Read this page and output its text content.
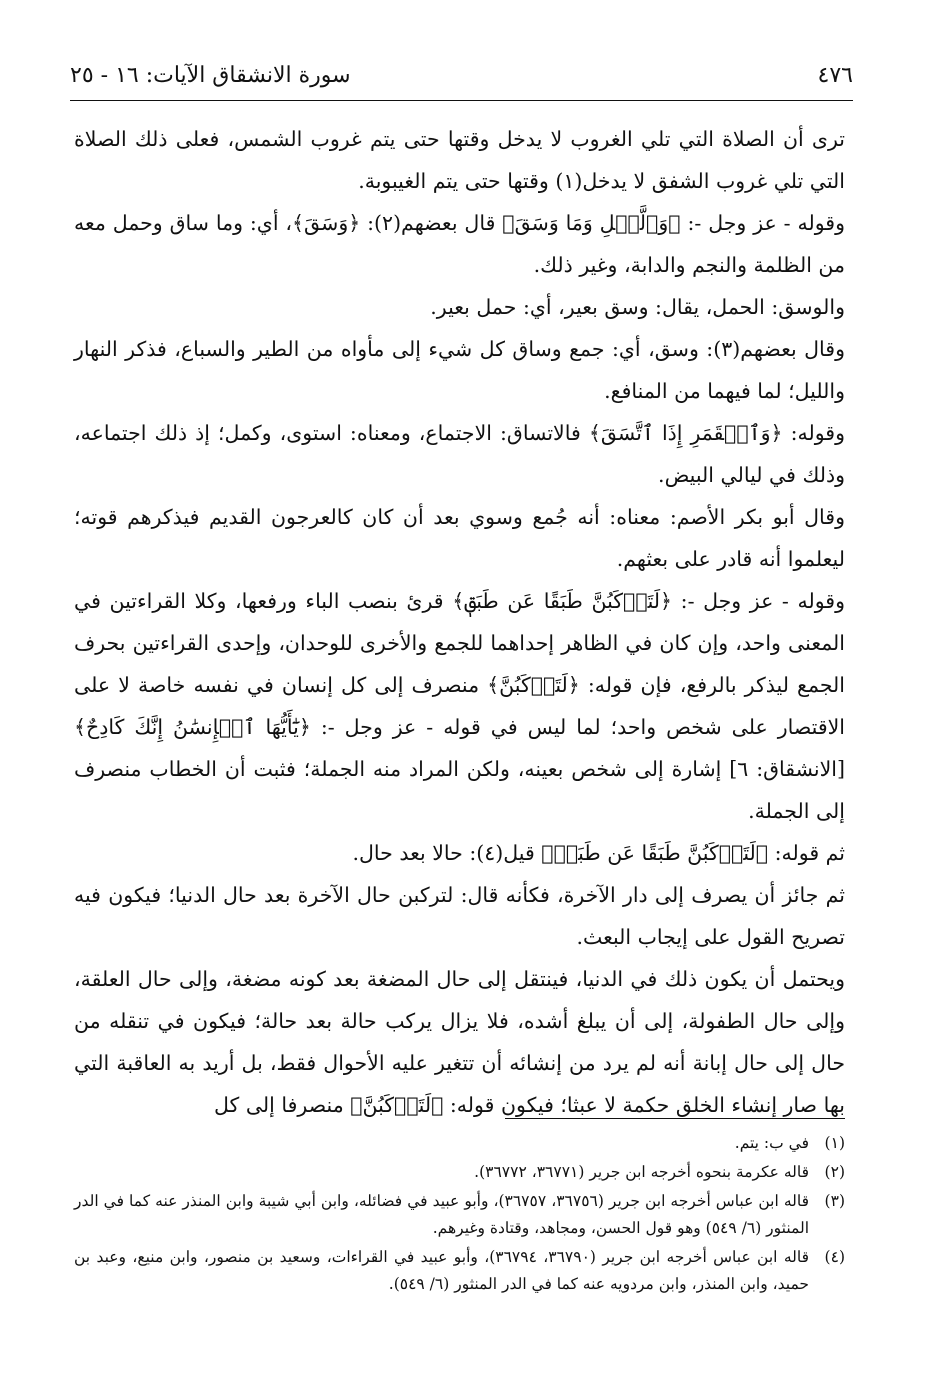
٤٧٦
سورة الانشقاق الآيات: ١٦ - ٢٥

ترى أن الصلاة التي تلي الغروب لا يدخل وقتها حتى يتم غروب الشمس، فعلى ذلك الصلاة التي تلي غروب الشفق لا يدخل(١) وقتها حتى يتم الغيبوبة.

وقوله - عز وجل -: ﴿وَٱلَّيۡلِ وَمَا وَسَقَ﴾ قال بعضهم(٢): ﴿وَسَقَ﴾، أي: وما ساق وحمل معه من الظلمة والنجم والدابة، وغير ذلك.

والوسق: الحمل، يقال: وسق بعير، أي: حمل بعير.

وقال بعضهم(٣): وسق، أي: جمع وساق كل شيء إلى مأواه من الطير والسباع، فذكر النهار والليل؛ لما فيهما من المنافع.

وقوله: ﴿وَٱلۡقَمَرِ إِذَا ٱتَّسَقَ﴾ فالاتساق: الاجتماع، ومعناه: استوى، وكمل؛ إذ ذلك اجتماعه، وذلك في ليالي البيض.

وقال أبو بكر الأصم: معناه: أنه جُمع وسوي بعد أن كان كالعرجون القديم فيذكرهم قوته؛ ليعلموا أنه قادر على بعثهم.

وقوله - عز وجل -: ﴿لَتَرۡكَبُنَّ طَبَقًا عَن طَبَقٖ﴾ قرئ بنصب الباء ورفعها، وكلا القراءتين في المعنى واحد، وإن كان في الظاهر إحداهما للجمع والأخرى للوحدان، وإحدى القراءتين بحرف الجمع ليذكر بالرفع، فإن قوله: ﴿لَتَرۡكَبُنَّ﴾ منصرف إلى كل إنسان في نفسه خاصة لا على الاقتصار على شخص واحد؛ لما ليس في قوله - عز وجل -: ﴿يَٰٓأَيُّهَا ٱلۡإِنسَٰنُ إِنَّكَ كَادِحٌ﴾ [الانشقاق: ٦] إشارة إلى شخص بعينه، ولكن المراد منه الجملة؛ فثبت أن الخطاب منصرف إلى الجملة.

ثم قوله: ﴿لَتَرۡكَبُنَّ طَبَقًا عَن طَبَقٖ﴾ قيل(٤): حالا بعد حال.

ثم جائز أن يصرف إلى دار الآخرة، فكأنه قال: لتركبن حال الآخرة بعد حال الدنيا؛ فيكون فيه تصريح القول على إيجاب البعث.

ويحتمل أن يكون ذلك في الدنيا، فينتقل إلى حال المضغة بعد كونه مضغة، وإلى حال العلقة، وإلى حال الطفولة، إلى أن يبلغ أشده، فلا يزال يركب حالة بعد حالة؛ فيكون في تنقله من حال إلى حال إبانة أنه لم يرد من إنشائه أن تتغير عليه الأحوال فقط، بل أريد به العاقبة التي بها صار إنشاء الخلق حكمة لا عبثا؛ فيكون قوله: ﴿لَتَرۡكَبُنَّ﴾ منصرفا إلى كل

(١)
في ب: يتم.
(٢)
قاله عكرمة بنحوه أخرجه ابن جرير (٣٦٧٧١، ٣٦٧٧٢).
(٣)
قاله ابن عباس أخرجه ابن جرير (٣٦٧٥٦، ٣٦٧٥٧)، وأبو عبيد في فضائله، وابن أبي شيبة وابن المنذر عنه كما في الدر المنثور (٦/ ٥٤٩) وهو قول الحسن، ومجاهد، وقتادة وغيرهم.
(٤)
قاله ابن عباس أخرجه ابن جرير (٣٦٧٩٠، ٣٦٧٩٤)، وأبو عبيد في القراءات، وسعيد بن منصور، وابن منيع، وعبد بن حميد، وابن المنذر، وابن مردويه عنه كما في الدر المنثور (٦/ ٥٤٩).
